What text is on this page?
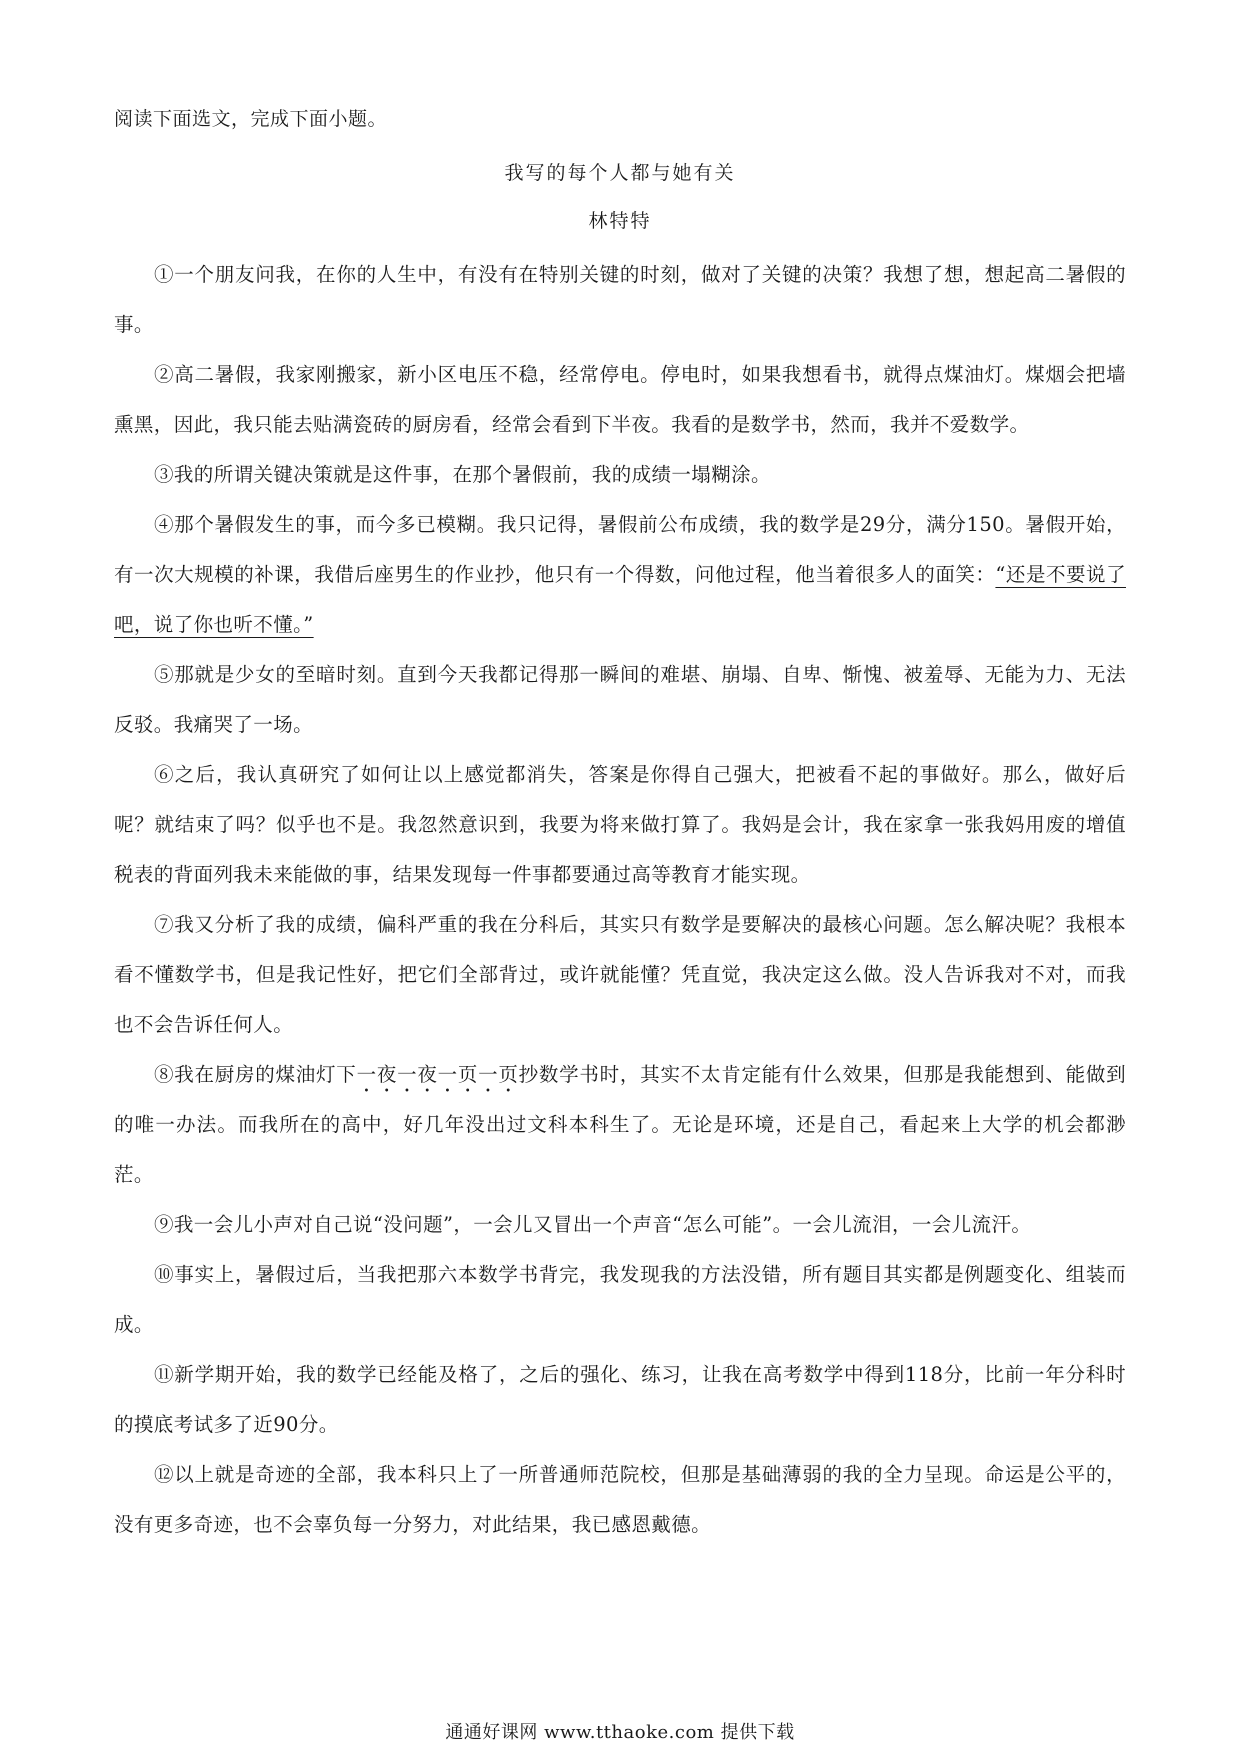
阅读下面选文，完成下面小题。
我写的每个人都与她有关
林特特

①一个朋友问我，在你的人生中，有没有在特别关键的时刻，做对了关键的决策？我想了想，想起高二暑假的事。

②高二暑假，我家刚搬家，新小区电压不稳，经常停电。停电时，如果我想看书，就得点煤油灯。煤烟会把墙熏黑，因此，我只能去贴满瓷砖的厨房看，经常会看到下半夜。我看的是数学书，然而，我并不爱数学。

③我的所谓关键决策就是这件事，在那个暑假前，我的成绩一塌糊涂。

④那个暑假发生的事，而今多已模糊。我只记得，暑假前公布成绩，我的数学是29分，满分150。暑假开始，有一次大规模的补课，我借后座男生的作业抄，他只有一个得数，问他过程，他当着很多人的面笑：“还是不要说了吧，说了你也听不懂。”

⑤那就是少女的至暗时刻。直到今天我都记得那一瞬间的难堪、崩塌、自卑、惭愧、被羞辱、无能为力、无法反驳。我痛哭了一场。

⑥之后，我认真研究了如何让以上感觉都消失，答案是你得自己强大，把被看不起的事做好。那么，做好后呢？就结束了吗？似乎也不是。我忽然意识到，我要为将来做打算了。我妈是会计，我在家拿一张我妈用废的增值税表的背面列我未来能做的事，结果发现每一件事都要通过高等教育才能实现。

⑦我又分析了我的成绩，偏科严重的我在分科后，其实只有数学是要解决的最核心问题。怎么解决呢？我根本看不懂数学书，但是我记性好，把它们全部背过，或许就能懂？凭直觉，我决定这么做。没人告诉我对不对，而我也不会告诉任何人。

⑧我在厨房的煤油灯下一夜一夜一页一页抄数学书时，其实不太肯定能有什么效果，但那是我能想到、能做到的唯一办法。而我所在的高中，好几年没出过文科本科生了。无论是环境，还是自己，看起来上大学的机会都渺茫。

⑨我一会儿小声对自己说“没问题”，一会儿又冒出一个声音“怎么可能”。一会儿流泪，一会儿流汗。

⑩事实上，暑假过后，当我把那六本数学书背完，我发现我的方法没错，所有题目其实都是例题变化、组装而成。

⑪新学期开始，我的数学已经能及格了，之后的强化、练习，让我在高考数学中得到118分，比前一年分科时的摸底考试多了近90分。

⑫以上就是奇迹的全部，我本科只上了一所普通师范院校，但那是基础薄弱的我的全力呈现。命运是公平的，没有更多奇迹，也不会辜负每一分努力，对此结果，我已感恩戴德。

通通好课网 www.tthaoke.com 提供下载
